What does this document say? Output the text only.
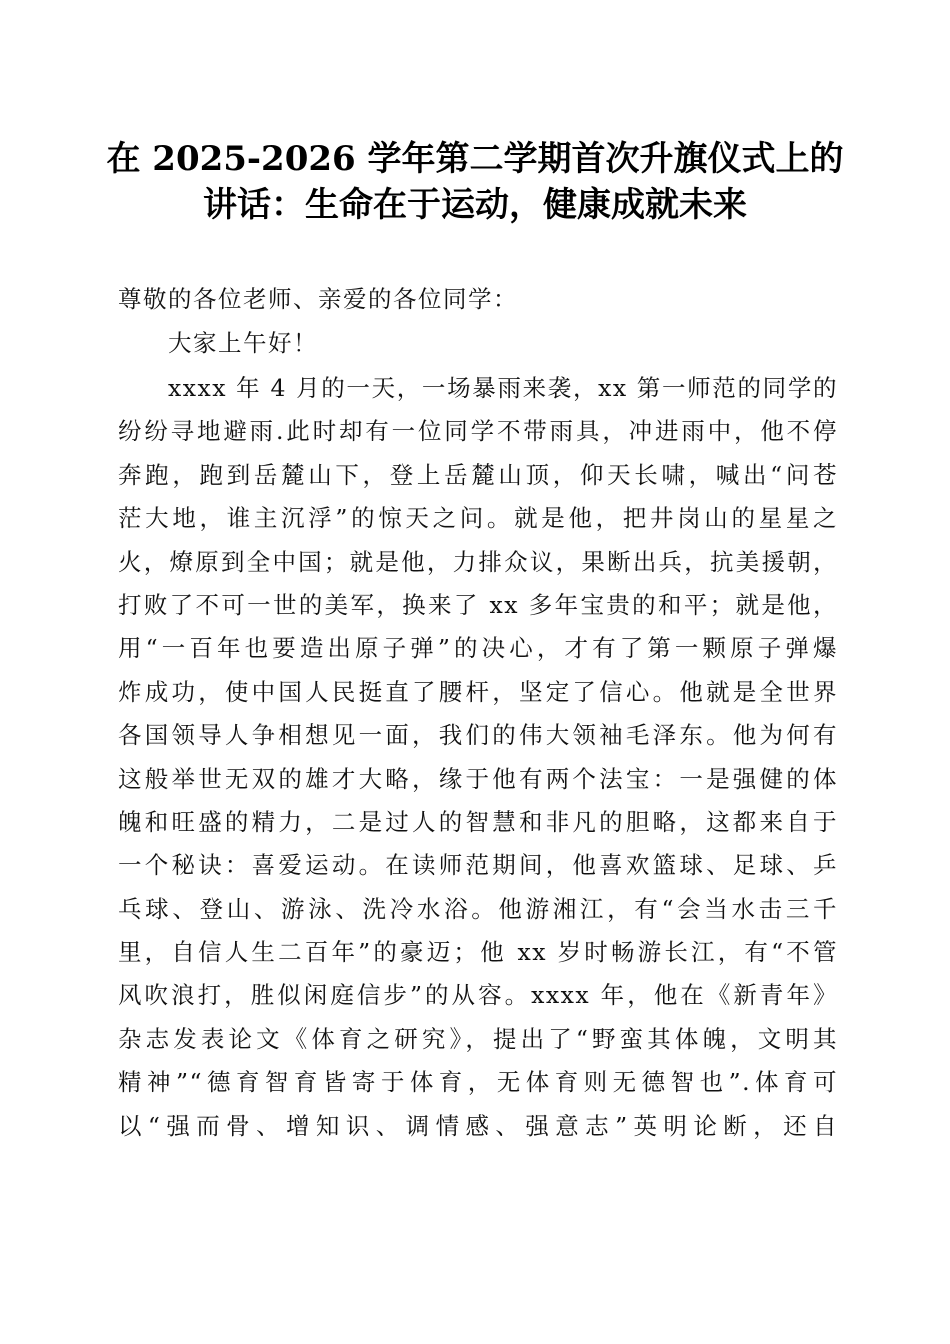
在 2025-2026 学年第二学期首次升旗仪式上的
讲话：生命在于运动，健康成就未来
尊敬的各位老师、亲爱的各位同学：
大家上午好！
xxxx 年 4 月的一天，一场暴雨来袭，xx 第一师范的同学的
纷纷寻地避雨.此时却有一位同学不带雨具，冲进雨中，他不停
奔跑，跑到岳麓山下，登上岳麓山顶，仰天长啸，喊出“问苍
茫大地，谁主沉浮”的惊天之问。就是他，把井岗山的星星之
火，燎原到全中国；就是他，力排众议，果断出兵，抗美援朝，
打败了不可一世的美军，换来了 xx 多年宝贵的和平；就是他，
用“一百年也要造出原子弹”的决心，才有了第一颗原子弹爆
炸成功，使中国人民挺直了腰杆，坚定了信心。他就是全世界
各国领导人争相想见一面，我们的伟大领袖毛泽东。他为何有
这般举世无双的雄才大略，缘于他有两个法宝：一是强健的体
魄和旺盛的精力，二是过人的智慧和非凡的胆略，这都来自于
一个秘诀：喜爱运动。在读师范期间，他喜欢篮球、足球、乒
乓球、登山、游泳、洗冷水浴。他游湘江，有“会当水击三千
里，自信人生二百年”的豪迈；他 xx 岁时畅游长江，有“不管
风吹浪打，胜似闲庭信步”的从容。xxxx 年，他在《新青年》
杂志发表论文《体育之研究》，提出了“野蛮其体魄，文明其
精神”“德育智育皆寄于体育，无体育则无德智也”.体育可
以“强而骨、增知识、调情感、强意志”英明论断，还自
